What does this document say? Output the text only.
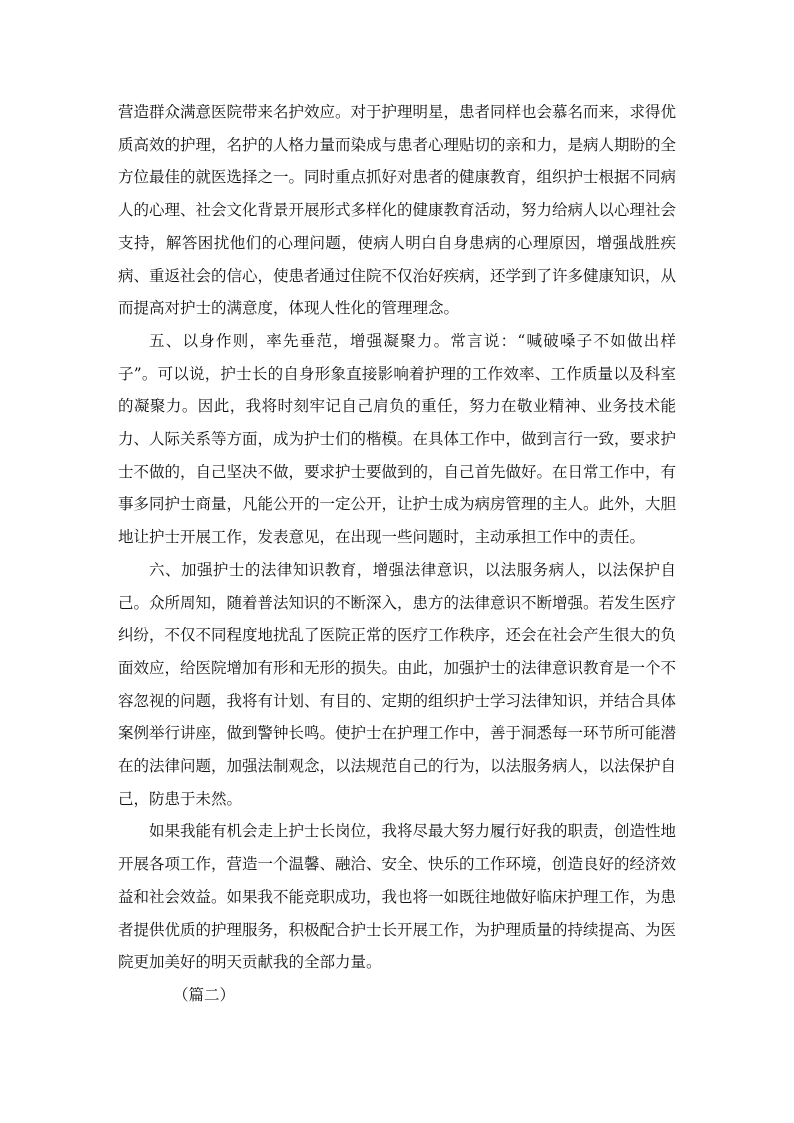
营造群众满意医院带来名护效应。对于护理明星，患者同样也会慕名而来，求得优质高效的护理，名护的人格力量而染成与患者心理贴切的亲和力，是病人期盼的全方位最佳的就医选择之一。同时重点抓好对患者的健康教育，组织护士根据不同病人的心理、社会文化背景开展形式多样化的健康教育活动，努力给病人以心理社会支持，解答困扰他们的心理问题，使病人明白自身患病的心理原因，增强战胜疾病、重返社会的信心，使患者通过住院不仅治好疾病，还学到了许多健康知识，从而提高对护士的满意度，体现人性化的管理理念。

五、以身作则，率先垂范，增强凝聚力。常言说：“喊破嗓子不如做出样子”。可以说，护士长的自身形象直接影响着护理的工作效率、工作质量以及科室的凝聚力。因此，我将时刻牢记自己肩负的重任，努力在敬业精神、业务技术能力、人际关系等方面，成为护士们的楷模。在具体工作中，做到言行一致，要求护士不做的，自己坚决不做，要求护士要做到的，自己首先做好。在日常工作中，有事多同护士商量，凡能公开的一定公开，让护士成为病房管理的主人。此外，大胆地让护士开展工作，发表意见，在出现一些问题时，主动承担工作中的责任。

六、加强护士的法律知识教育，增强法律意识，以法服务病人，以法保护自己。众所周知，随着普法知识的不断深入，患方的法律意识不断增强。若发生医疗纠纷，不仅不同程度地扰乱了医院正常的医疗工作秩序，还会在社会产生很大的负面效应，给医院增加有形和无形的损失。由此，加强护士的法律意识教育是一个不容忽视的问题，我将有计划、有目的、定期的组织护士学习法律知识，并结合具体案例举行讲座，做到警钟长鸣。使护士在护理工作中，善于洞悉每一环节所可能潜在的法律问题，加强法制观念，以法规范自己的行为，以法服务病人，以法保护自己，防患于未然。

如果我能有机会走上护士长岗位，我将尽最大努力履行好我的职责，创造性地开展各项工作，营造一个温馨、融洽、安全、快乐的工作环境，创造良好的经济效益和社会效益。如果我不能竞职成功，我也将一如既往地做好临床护理工作，为患者提供优质的护理服务，积极配合护士长开展工作，为护理质量的持续提高、为医院更加美好的明天贡献我的全部力量。

（篇二）
